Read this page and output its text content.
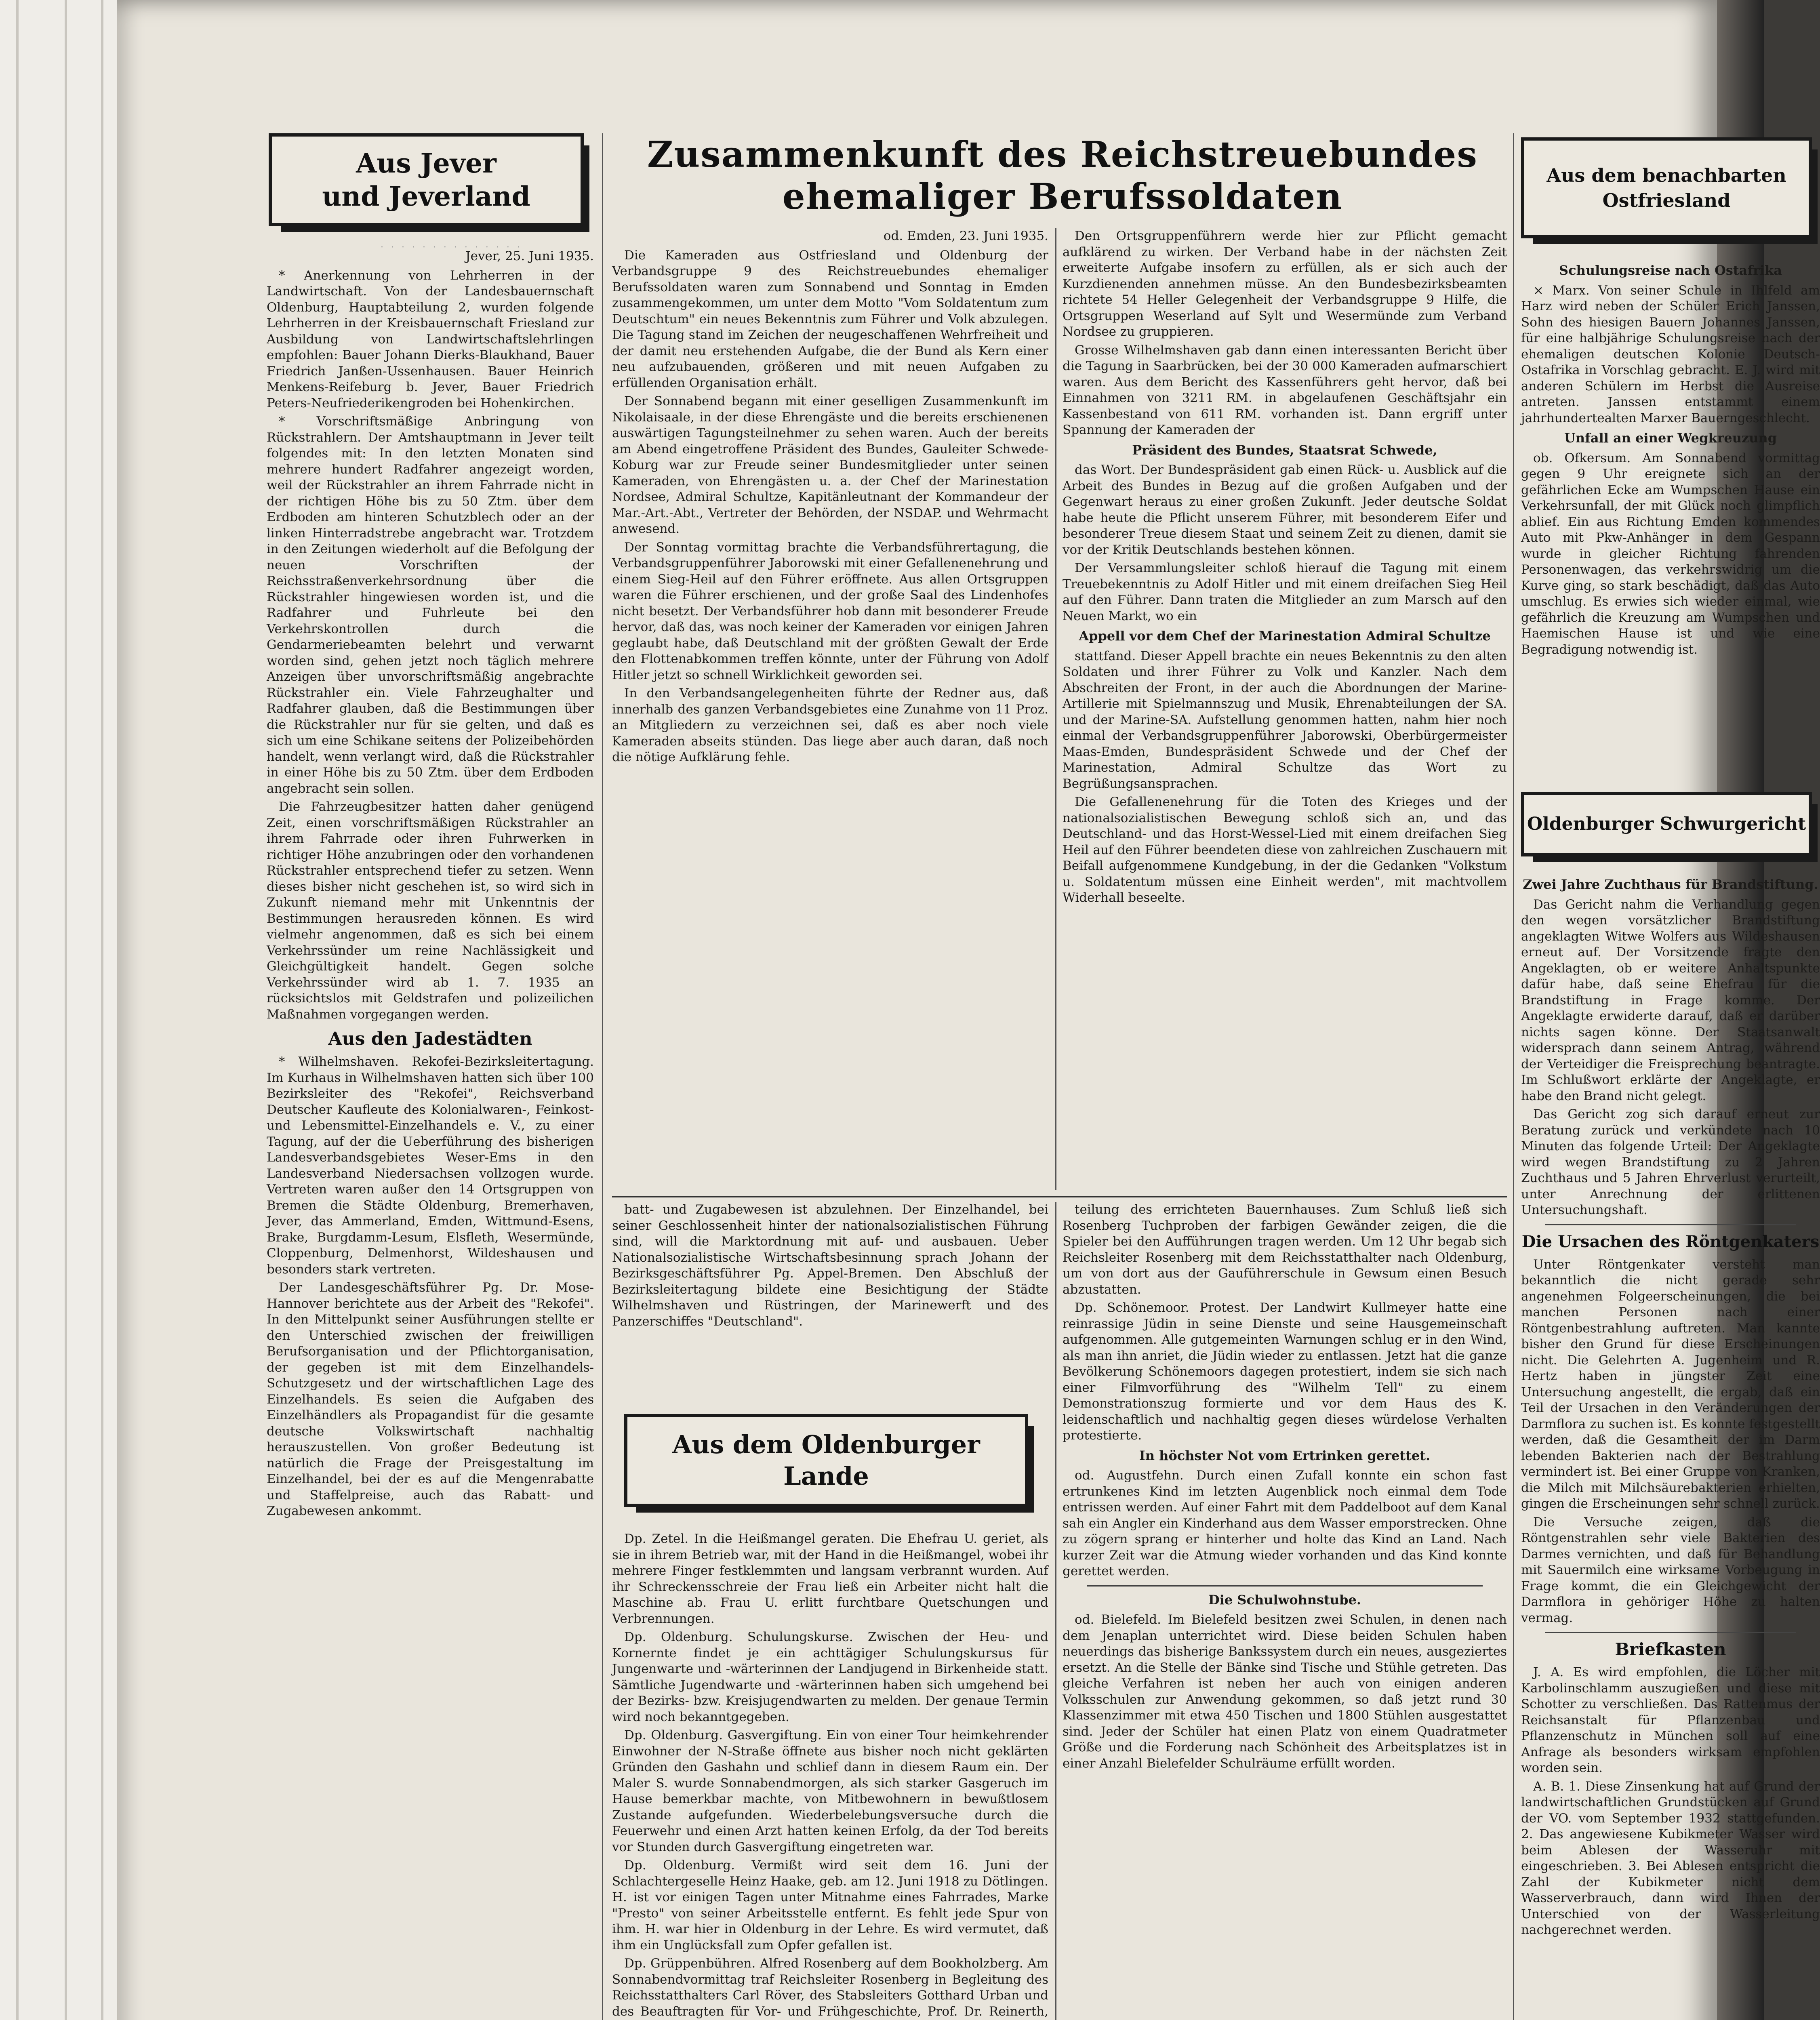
Aus Jever
und Jeverland
· · · · · · · · · · · · · ·
Jever, 25. Juni 1935.

* Anerkennung von Lehrherren in der Landwirtschaft. Von der Landesbauernschaft Oldenburg, Hauptabteilung 2, wurden folgende Lehrherren in der Kreisbauernschaft Friesland zur Ausbildung von Landwirtschaftslehrlingen empfohlen: Bauer Johann Dierks-Blaukhand, Bauer Friedrich Janßen-Ussenhausen. Bauer Heinrich Menkens-Reifeburg b. Jever, Bauer Friedrich Peters-Neufriederikengroden bei Hohenkirchen.

* Vorschriftsmäßige Anbringung von Rückstrahlern. Der Amtshauptmann in Jever teilt folgendes mit: In den letzten Monaten sind mehrere hundert Radfahrer angezeigt worden, weil der Rückstrahler an ihrem Fahrrade nicht in der richtigen Höhe bis zu 50 Ztm. über dem Erdboden am hinteren Schutzblech oder an der linken Hinterradstrebe angebracht war. Trotzdem in den Zeitungen wiederholt auf die Befolgung der neuen Vorschriften der Reichsstraßenverkehrsordnung über die Rückstrahler hingewiesen worden ist, und die Radfahrer und Fuhrleute bei den Verkehrskontrollen durch die Gendarmeriebeamten belehrt und verwarnt worden sind, gehen jetzt noch täglich mehrere Anzeigen über unvorschriftsmäßig angebrachte Rückstrahler ein. Viele Fahrzeughalter und Radfahrer glauben, daß die Bestimmungen über die Rückstrahler nur für sie gelten, und daß es sich um eine Schikane seitens der Polizeibehörden handelt, wenn verlangt wird, daß die Rückstrahler in einer Höhe bis zu 50 Ztm. über dem Erdboden angebracht sein sollen.

Die Fahrzeugbesitzer hatten daher genügend Zeit, einen vorschriftsmäßigen Rückstrahler an ihrem Fahrrade oder ihren Fuhrwerken in richtiger Höhe anzubringen oder den vorhandenen Rückstrahler entsprechend tiefer zu setzen. Wenn dieses bisher nicht geschehen ist, so wird sich in Zukunft niemand mehr mit Unkenntnis der Bestimmungen herausreden können. Es wird vielmehr angenommen, daß es sich bei einem Verkehrssünder um reine Nachlässigkeit und Gleichgültigkeit handelt. Gegen solche Verkehrssünder wird ab 1. 7. 1935 an rücksichtslos mit Geldstrafen und polizeilichen Maßnahmen vorgegangen werden.

Aus den Jadestädten

* Wilhelmshaven. Rekofei-Bezirksleitertagung. Im Kurhaus in Wilhelmshaven hatten sich über 100 Bezirksleiter des "Rekofei", Reichsverband Deutscher Kaufleute des Kolonialwaren-, Feinkost- und Lebensmittel-Einzelhandels e. V., zu einer Tagung, auf der die Ueberführung des bisherigen Landesverbandsgebietes Weser-Ems in den Landesverband Niedersachsen vollzogen wurde. Vertreten waren außer den 14 Ortsgruppen von Bremen die Städte Oldenburg, Bremerhaven, Jever, das Ammerland, Emden, Wittmund-Esens, Brake, Burgdamm-Lesum, Elsfleth, Wesermünde, Cloppenburg, Delmenhorst, Wildeshausen und besonders stark vertreten.

Der Landesgeschäftsführer Pg. Dr. Mose-Hannover berichtete aus der Arbeit des "Rekofei". In den Mittelpunkt seiner Ausführungen stellte er den Unterschied zwischen der freiwilligen Berufsorganisation und der Pflichtorganisation, der gegeben ist mit dem Einzelhandels-Schutzgesetz und der wirtschaftlichen Lage des Einzelhandels. Es seien die Aufgaben des Einzelhändlers als Propagandist für die gesamte deutsche Volkswirtschaft nachhaltig herauszustellen. Von großer Bedeutung ist natürlich die Frage der Preisgestaltung im Einzelhandel, bei der es auf die Mengenrabatte und Staffelpreise, auch das Rabatt- und Zugabewesen ankommt.

Zusammenkunft des Reichstreuebundes ehemaliger Berufssoldaten
od. Emden, 23. Juni 1935.

Die Kameraden aus Ostfriesland und Oldenburg der Verbandsgruppe 9 des Reichstreuebundes ehemaliger Berufssoldaten waren zum Sonnabend und Sonntag in Emden zusammengekommen, um unter dem Motto "Vom Soldatentum zum Deutschtum" ein neues Bekenntnis zum Führer und Volk abzulegen. Die Tagung stand im Zeichen der neugeschaffenen Wehrfreiheit und der damit neu erstehenden Aufgabe, die der Bund als Kern einer neu aufzubauenden, größeren und mit neuen Aufgaben zu erfüllenden Organisation erhält.

Der Sonnabend begann mit einer geselligen Zusammenkunft im Nikolaisaale, in der diese Ehrengäste und die bereits erschienenen auswärtigen Tagungsteilnehmer zu sehen waren. Auch der bereits am Abend eingetroffene Präsident des Bundes, Gauleiter Schwede-Koburg war zur Freude seiner Bundesmitglieder unter seinen Kameraden, von Ehrengästen u. a. der Chef der Marinestation Nordsee, Admiral Schultze, Kapitänleutnant der Kommandeur der Mar.-Art.-Abt., Vertreter der Behörden, der NSDAP. und Wehrmacht anwesend.

Der Sonntag vormittag brachte die Verbandsführertagung, die Verbandsgruppenführer Jaborowski mit einer Gefallenenehrung und einem Sieg-Heil auf den Führer eröffnete. Aus allen Ortsgruppen waren die Führer erschienen, und der große Saal des Lindenhofes nicht besetzt. Der Verbandsführer hob dann mit besonderer Freude hervor, daß das, was noch keiner der Kameraden vor einigen Jahren geglaubt habe, daß Deutschland mit der größten Gewalt der Erde den Flottenabkommen treffen könnte, unter der Führung von Adolf Hitler jetzt so schnell Wirklichkeit geworden sei.

In den Verbandsangelegenheiten führte der Redner aus, daß innerhalb des ganzen Verbandsgebietes eine Zunahme von 11 Proz. an Mitgliedern zu verzeichnen sei, daß es aber noch viele Kameraden abseits stünden. Das liege aber auch daran, daß noch die nötige Aufklärung fehle.

Den Ortsgruppenführern werde hier zur Pflicht gemacht aufklärend zu wirken. Der Verband habe in der nächsten Zeit erweiterte Aufgabe insofern zu erfüllen, als er sich auch der Kurzdienenden annehmen müsse. An den Bundesbezirksbeamten richtete 54 Heller Gelegenheit der Verbandsgruppe 9 Hilfe, die Ortsgruppen Weserland auf Sylt und Wesermünde zum Verband Nordsee zu gruppieren.

Grosse Wilhelmshaven gab dann einen interessanten Bericht über die Tagung in Saarbrücken, bei der 30 000 Kameraden aufmarschiert waren. Aus dem Bericht des Kassenführers geht hervor, daß bei Einnahmen von 3211 RM. in abgelaufenen Geschäftsjahr ein Kassenbestand von 611 RM. vorhanden ist. Dann ergriff unter Spannung der Kameraden der

Präsident des Bundes, Staatsrat Schwede,

das Wort. Der Bundespräsident gab einen Rück- u. Ausblick auf die Arbeit des Bundes in Bezug auf die großen Aufgaben und der Gegenwart heraus zu einer großen Zukunft. Jeder deutsche Soldat habe heute die Pflicht unserem Führer, mit besonderem Eifer und besonderer Treue diesem Staat und seinem Zeit zu dienen, damit sie vor der Kritik Deutschlands bestehen können.

Der Versammlungsleiter schloß hierauf die Tagung mit einem Treuebekenntnis zu Adolf Hitler und mit einem dreifachen Sieg Heil auf den Führer. Dann traten die Mitglieder an zum Marsch auf den Neuen Markt, wo ein

Appell vor dem Chef der Marinestation Admiral Schultze

stattfand. Dieser Appell brachte ein neues Bekenntnis zu den alten Soldaten und ihrer Führer zu Volk und Kanzler. Nach dem Abschreiten der Front, in der auch die Abordnungen der Marine-Artillerie mit Spielmannszug und Musik, Ehrenabteilungen der SA. und der Marine-SA. Aufstellung genommen hatten, nahm hier noch einmal der Verbandsgruppenführer Jaborowski, Oberbürgermeister Maas-Emden, Bundespräsident Schwede und der Chef der Marinestation, Admiral Schultze das Wort zu Begrüßungsansprachen.

Die Gefallenenehrung für die Toten des Krieges und der nationalsozialistischen Bewegung schloß sich an, und das Deutschland- und das Horst-Wessel-Lied mit einem dreifachen Sieg Heil auf den Führer beendeten diese von zahlreichen Zuschauern mit Beifall aufgenommene Kundgebung, in der die Gedanken "Volkstum u. Soldatentum müssen eine Einheit werden", mit machtvollem Widerhall beseelte.

batt- und Zugabewesen ist abzulehnen. Der Einzelhandel, bei seiner Geschlossenheit hinter der nationalsozialistischen Führung sind, will die Marktordnung mit auf- und ausbauen. Ueber Nationalsozialistische Wirtschaftsbesinnung sprach Johann der Bezirksgeschäftsführer Pg. Appel-Bremen. Den Abschluß der Bezirksleitertagung bildete eine Besichtigung der Städte Wilhelmshaven und Rüstringen, der Marinewerft und des Panzerschiffes "Deutschland".

Aus dem Oldenburger
Lande

Dp. Zetel. In die Heißmangel geraten. Die Ehefrau U. geriet, als sie in ihrem Betrieb war, mit der Hand in die Heißmangel, wobei ihr mehrere Finger festklemmten und langsam verbrannt wurden. Auf ihr Schreckensschreie der Frau ließ ein Arbeiter nicht halt die Maschine ab. Frau U. erlitt furchtbare Quetschungen und Verbrennungen.

Dp. Oldenburg. Schulungskurse. Zwischen der Heu- und Kornernte findet je ein achttägiger Schulungskursus für Jungenwarte und -wärterinnen der Landjugend in Birkenheide statt. Sämtliche Jugendwarte und -wärterinnen haben sich umgehend bei der Bezirks- bzw. Kreisjugendwarten zu melden. Der genaue Termin wird noch bekanntgegeben.

Dp. Oldenburg. Gasvergiftung. Ein von einer Tour heimkehrender Einwohner der N-Straße öffnete aus bisher noch nicht geklärten Gründen den Gashahn und schlief dann in diesem Raum ein. Der Maler S. wurde Sonnabendmorgen, als sich starker Gasgeruch im Hause bemerkbar machte, von Mitbewohnern in bewußtlosem Zustande aufgefunden. Wiederbelebungsversuche durch die Feuerwehr und einen Arzt hatten keinen Erfolg, da der Tod bereits vor Stunden durch Gasvergiftung eingetreten war.

Dp. Oldenburg. Vermißt wird seit dem 16. Juni der Schlachtergeselle Heinz Haake, geb. am 12. Juni 1918 zu Dötlingen. H. ist vor einigen Tagen unter Mitnahme eines Fahrrades, Marke "Presto" von seiner Arbeitsstelle entfernt. Es fehlt jede Spur von ihm. H. war hier in Oldenburg in der Lehre. Es wird vermutet, daß ihm ein Unglücksfall zum Opfer gefallen ist.

Dp. Grüppenbühren. Alfred Rosenberg auf dem Bookholzberg. Am Sonnabendvormittag traf Reichsleiter Rosenberg in Begleitung des Reichsstatthalters Carl Röver, des Stabsleiters Gotthard Urban und des Beauftragten für Vor- und Frühgeschichte, Prof. Dr. Reinerth,

teilung des errichteten Bauernhauses. Zum Schluß ließ sich Rosenberg Tuchproben der farbigen Gewänder zeigen, die die Spieler bei den Aufführungen tragen werden. Um 12 Uhr begab sich Reichsleiter Rosenberg mit dem Reichsstatthalter nach Oldenburg, um von dort aus der Gauführerschule in Gewsum einen Besuch abzustatten.

Dp. Schönemoor. Protest. Der Landwirt Kullmeyer hatte eine reinrassige Jüdin in seine Dienste und seine Hausgemeinschaft aufgenommen. Alle gutgemeinten Warnungen schlug er in den Wind, als man ihn anriet, die Jüdin wieder zu entlassen. Jetzt hat die ganze Bevölkerung Schönemoors dagegen protestiert, indem sie sich nach einer Filmvorführung des "Wilhelm Tell" zu einem Demonstrationszug formierte und vor dem Haus des K. leidenschaftlich und nachhaltig gegen dieses würdelose Verhalten protestierte.

In höchster Not vom Ertrinken gerettet.

od. Augustfehn. Durch einen Zufall konnte ein schon fast ertrunkenes Kind im letzten Augenblick noch einmal dem Tode entrissen werden. Auf einer Fahrt mit dem Paddelboot auf dem Kanal sah ein Angler ein Kinderhand aus dem Wasser emporstrecken. Ohne zu zögern sprang er hinterher und holte das Kind an Land. Nach kurzer Zeit war die Atmung wieder vorhanden und das Kind konnte gerettet werden.

Die Schulwohnstube.

od. Bielefeld. Im Bielefeld besitzen zwei Schulen, in denen nach dem Jenaplan unterrichtet wird. Diese beiden Schulen haben neuerdings das bisherige Bankssystem durch ein neues, ausgeziertes ersetzt. An die Stelle der Bänke sind Tische und Stühle getreten. Das gleiche Verfahren ist neben her auch von einigen anderen Volksschulen zur Anwendung gekommen, so daß jetzt rund 30 Klassenzimmer mit etwa 450 Tischen und 1800 Stühlen ausgestattet sind. Jeder der Schüler hat einen Platz von einem Quadratmeter Größe und die Forderung nach Schönheit des Arbeitsplatzes ist in einer Anzahl Bielefelder Schulräume erfüllt worden.

Aus dem benachbarten
Ostfriesland
Schulungsreise nach Ostafrika

× Marx. Von seiner Schule in Ihlfeld am Harz wird neben der Schüler Erich Janssen, Sohn des hiesigen Bauern Johannes Janssen, für eine halbjährige Schulungsreise nach der ehemaligen deutschen Kolonie Deutsch-Ostafrika in Vorschlag gebracht. E. J. wird mit anderen Schülern im Herbst die Ausreise antreten. Janssen entstammt einem jahrhundertealten Marxer Bauerngeschlecht.

Unfall an einer Wegkreuzung

ob. Ofkersum. Am Sonnabend vormittag gegen 9 Uhr ereignete sich an der gefährlichen Ecke am Wumpschen Hause ein Verkehrsunfall, der mit Glück noch glimpflich ablief. Ein aus Richtung Emden kommendes Auto mit Pkw-Anhänger in dem Gespann wurde in gleicher Richtung fahrenden Personenwagen, das verkehrswidrig um die Kurve ging, so stark beschädigt, daß das Auto umschlug. Es erwies sich wieder einmal, wie gefährlich die Kreuzung am Wumpschen und Haemischen Hause ist und wie eine Begradigung notwendig ist.

Oldenburger Schwurgericht
Zwei Jahre Zuchthaus für Brandstiftung.

Das Gericht nahm die Verhandlung gegen den wegen vorsätzlicher Brandstiftung angeklagten Witwe Wolfers aus Wildeshausen erneut auf. Der Vorsitzende fragte den Angeklagten, ob er weitere Anhaltspunkte dafür habe, daß seine Ehefrau für die Brandstiftung in Frage komme. Der Angeklagte erwiderte darauf, daß er darüber nichts sagen könne. Der Staatsanwalt widersprach dann seinem Antrag, während der Verteidiger die Freisprechung beantragte. Im Schlußwort erklärte der Angeklagte, er habe den Brand nicht gelegt.

Das Gericht zog sich darauf erneut zur Beratung zurück und verkündete nach 10 Minuten das folgende Urteil: Der Angeklagte wird wegen Brandstiftung zu 2 Jahren Zuchthaus und 5 Jahren Ehrverlust verurteilt, unter Anrechnung der erlittenen Untersuchungshaft.

Die Ursachen des Röntgenkaters

Unter Röntgenkater versteht man bekanntlich die nicht gerade sehr angenehmen Folgeerscheinungen, die bei manchen Personen nach einer Röntgenbestrahlung auftreten. Man kannte bisher den Grund für diese Erscheinungen nicht. Die Gelehrten A. Jugenheim und R. Hertz haben in jüngster Zeit eine Untersuchung angestellt, die ergab, daß ein Teil der Ursachen in den Veränderungen der Darmflora zu suchen ist. Es konnte festgestellt werden, daß die Gesamtheit der im Darm lebenden Bakterien nach der Bestrahlung vermindert ist. Bei einer Gruppe von Kranken, die Milch mit Milchsäurebakterien erhielten, gingen die Erscheinungen sehr schnell zurück.

Die Versuche zeigen, daß die Röntgenstrahlen sehr viele Bakterien des Darmes vernichten, und daß für Behandlung mit Sauermilch eine wirksame Vorbeugung in Frage kommt, die ein Gleichgewicht der Darmflora in gehöriger Höhe zu halten vermag.

Briefkasten

J. A. Es wird empfohlen, die Löcher mit Karbolinschlamm auszugießen und diese mit Schotter zu verschließen. Das Rattenmus der Reichsanstalt für Pflanzenbau und Pflanzenschutz in München soll auf eine Anfrage als besonders wirksam empfohlen worden sein.

A. B. 1. Diese Zinsenkung hat auf Grund der landwirtschaftlichen Grundstücken auf Grund der VO. vom September 1932 stattgefunden. 2. Das angewiesene Kubikmeter Wasser wird beim Ablesen der Wasseruhr mit eingeschrieben. 3. Bei Ablesen entspricht die Zahl der Kubikmeter nicht dem Wasserverbrauch, dann wird Ihnen der Unterschied von der Wasserleitung nachgerechnet werden.
